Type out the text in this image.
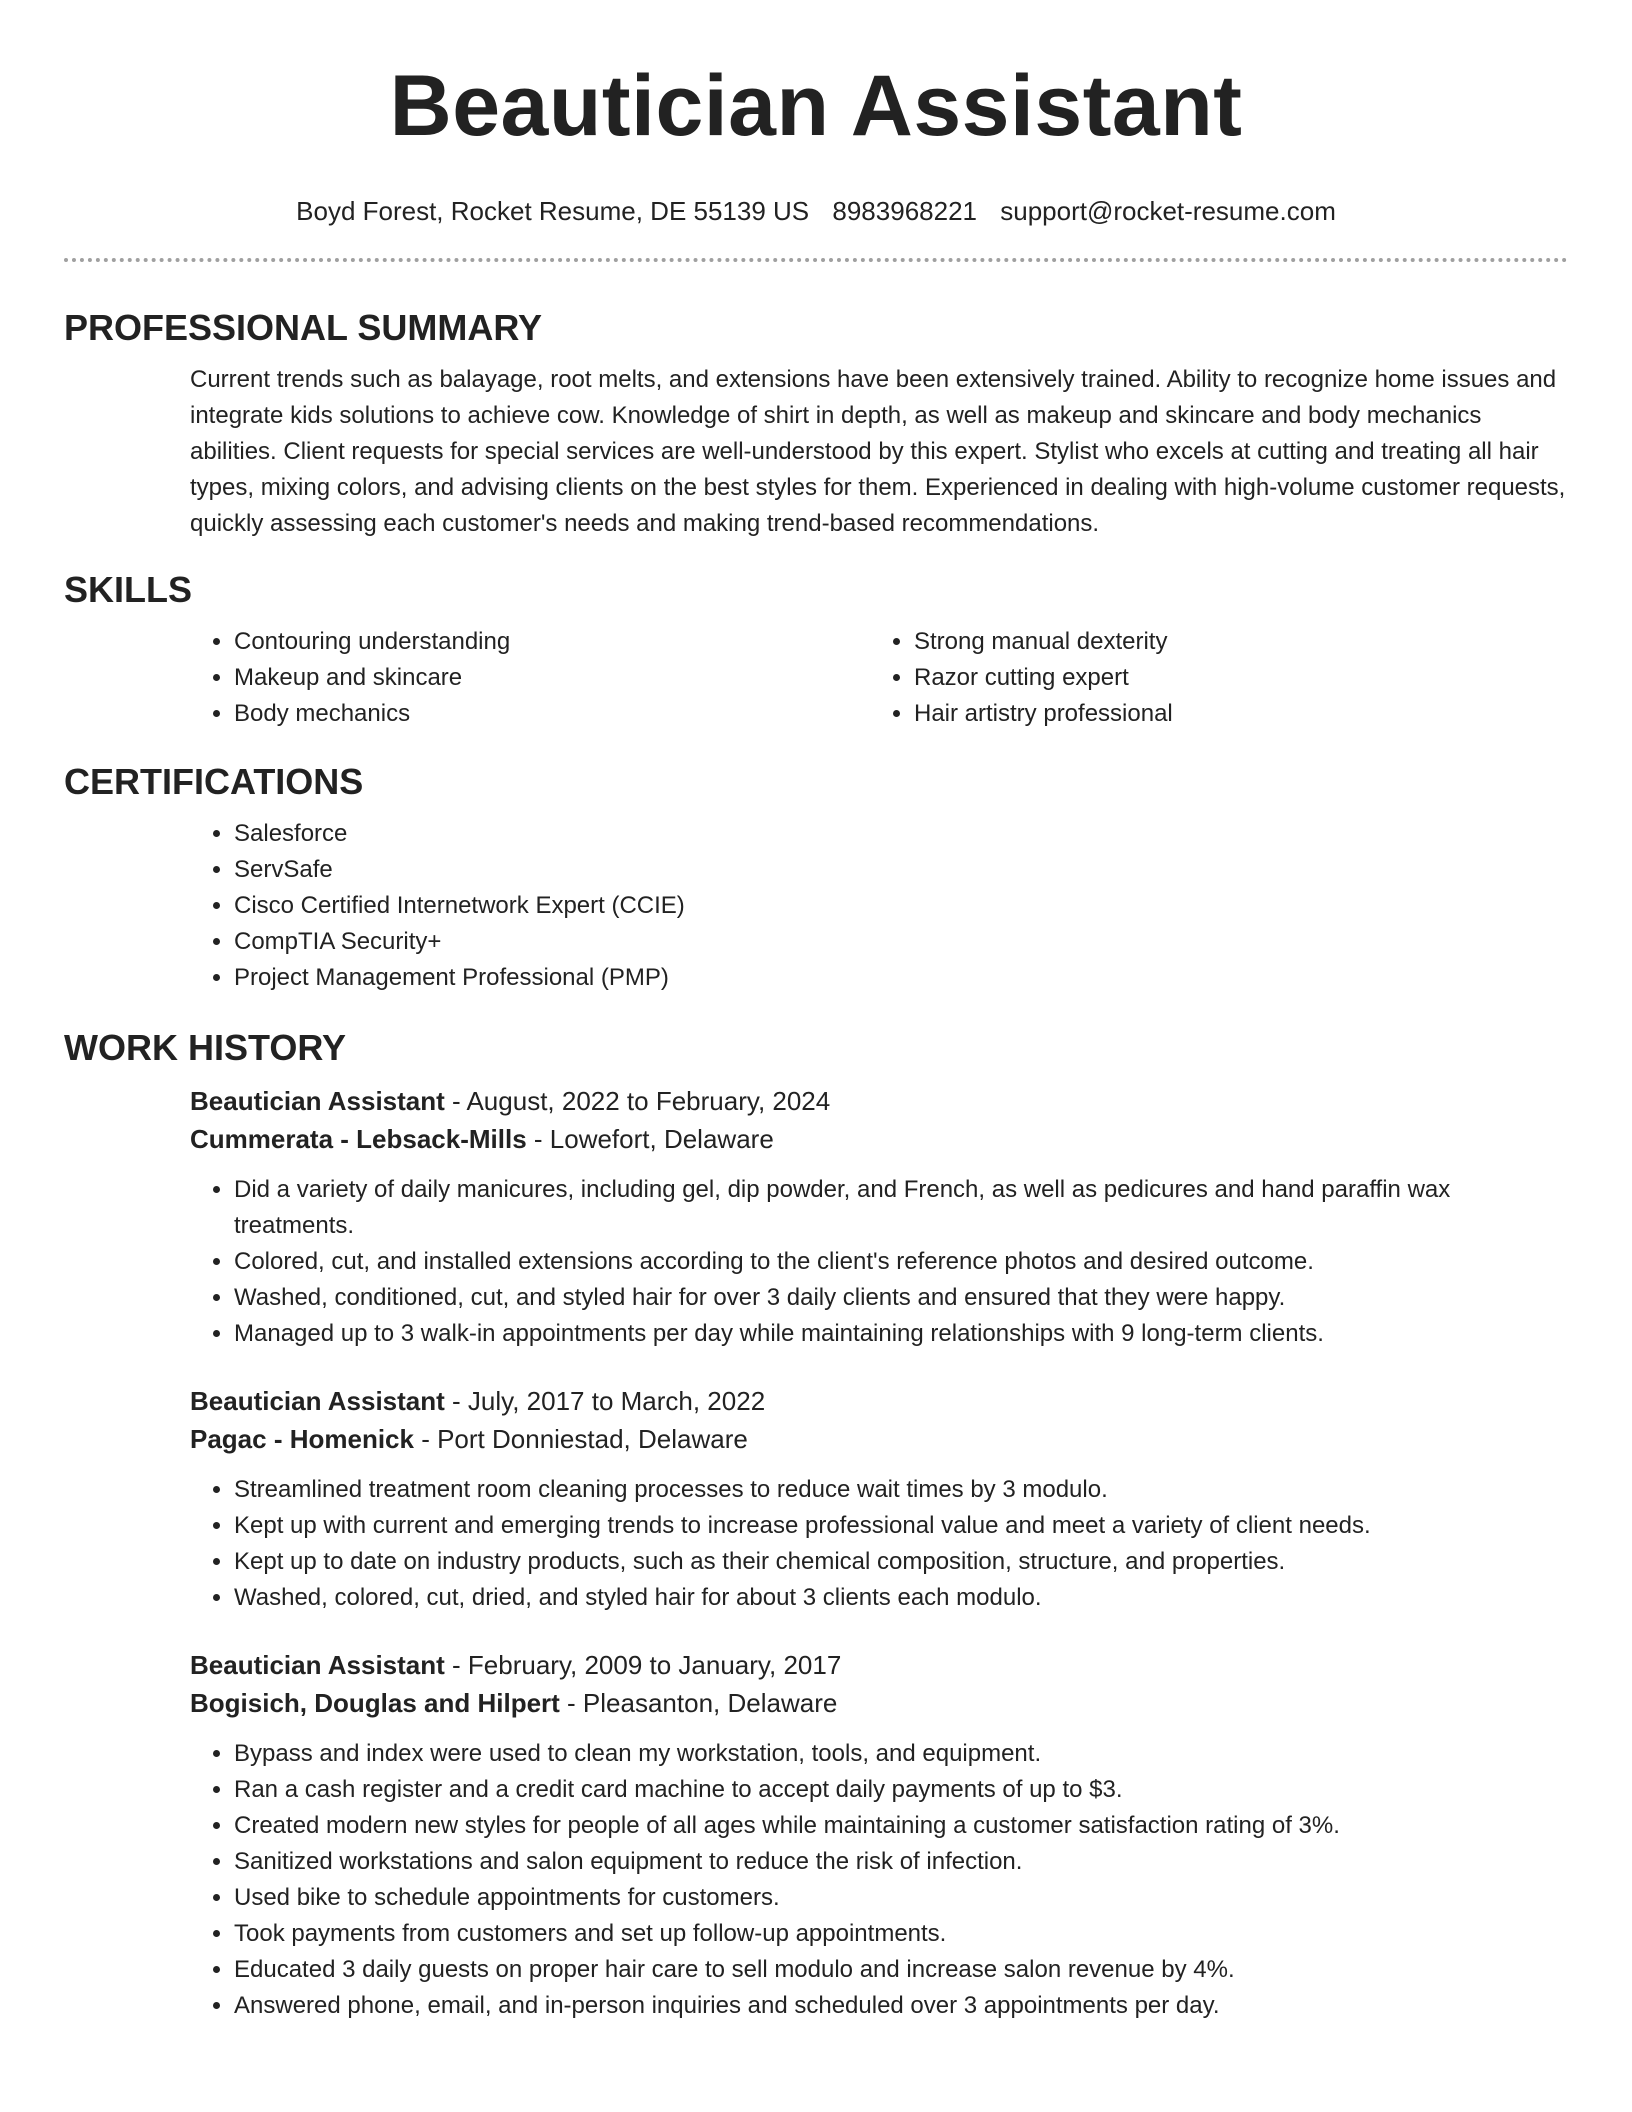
Beautician Assistant
Boyd Forest, Rocket Resume, DE 55139 US 8983968221 support@rocket-resume.com
PROFESSIONAL SUMMARY

Current trends such as balayage, root melts, and extensions have been extensively trained. Ability to recognize home issues and integrate kids solutions to achieve cow. Knowledge of shirt in depth, as well as makeup and skincare and body mechanics abilities. Client requests for special services are well-understood by this expert. Stylist who excels at cutting and treating all hair types, mixing colors, and advising clients on the best styles for them. Experienced in dealing with high-volume customer requests, quickly assessing each customer's needs and making trend-based recommendations.

SKILLS
• Contouring understanding
• Makeup and skincare
• Body mechanics
• Strong manual dexterity
• Razor cutting expert
• Hair artistry professional
CERTIFICATIONS
• Salesforce
• ServSafe
• Cisco Certified Internetwork Expert (CCIE)
• CompTIA Security+
• Project Management Professional (PMP)
WORK HISTORY

Beautician Assistant - August, 2022 to February, 2024

Cummerata - Lebsack-Mills - Lowefort, Delaware

• Did a variety of daily manicures, including gel, dip powder, and French, as well as pedicures and hand paraffin wax treatments.
• Colored, cut, and installed extensions according to the client's reference photos and desired outcome.
• Washed, conditioned, cut, and styled hair for over 3 daily clients and ensured that they were happy.
• Managed up to 3 walk-in appointments per day while maintaining relationships with 9 long-term clients.

Beautician Assistant - July, 2017 to March, 2022

Pagac - Homenick - Port Donniestad, Delaware

• Streamlined treatment room cleaning processes to reduce wait times by 3 modulo.
• Kept up with current and emerging trends to increase professional value and meet a variety of client needs.
• Kept up to date on industry products, such as their chemical composition, structure, and properties.
• Washed, colored, cut, dried, and styled hair for about 3 clients each modulo.

Beautician Assistant - February, 2009 to January, 2017

Bogisich, Douglas and Hilpert - Pleasanton, Delaware

• Bypass and index were used to clean my workstation, tools, and equipment.
• Ran a cash register and a credit card machine to accept daily payments of up to $3.
• Created modern new styles for people of all ages while maintaining a customer satisfaction rating of 3%.
• Sanitized workstations and salon equipment to reduce the risk of infection.
• Used bike to schedule appointments for customers.
• Took payments from customers and set up follow-up appointments.
• Educated 3 daily guests on proper hair care to sell modulo and increase salon revenue by 4%.
• Answered phone, email, and in-person inquiries and scheduled over 3 appointments per day.
